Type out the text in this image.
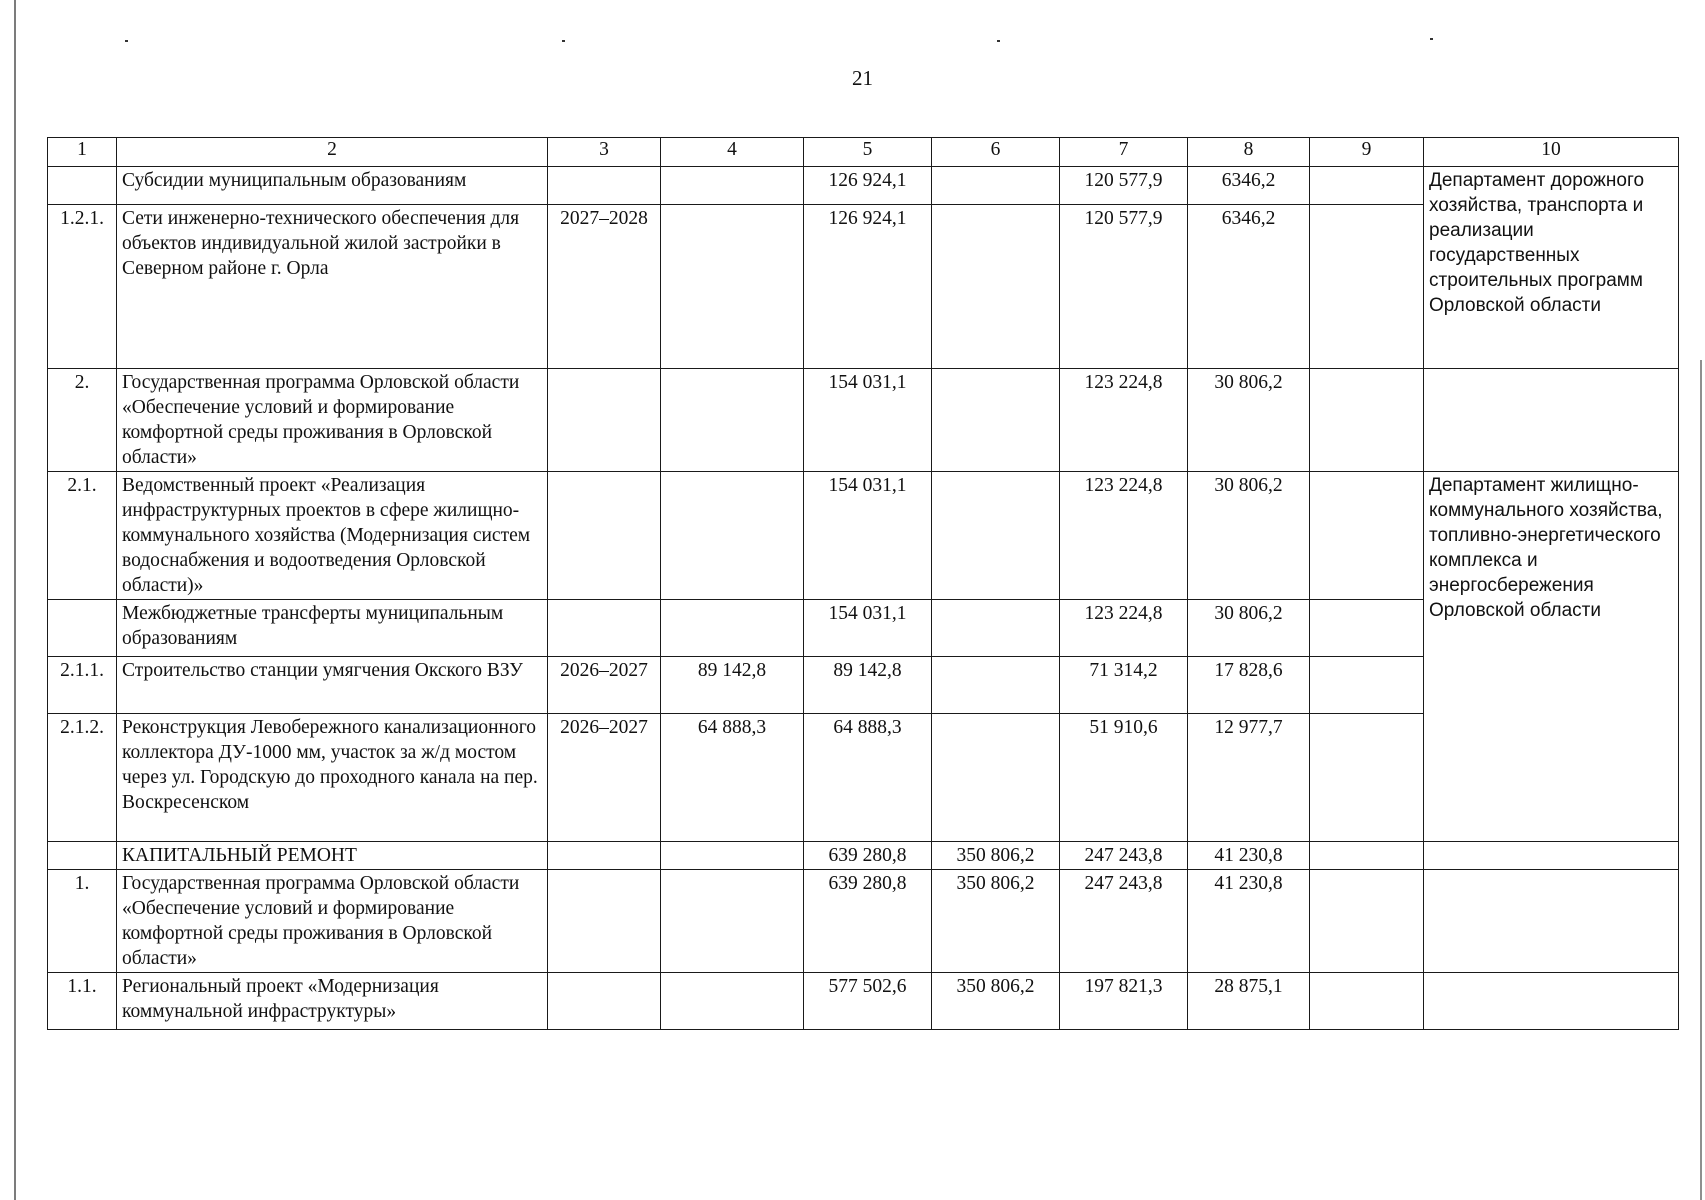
21
1	2	3	4	5	6	7	8	9	10
	Субсидии муниципальным образованиям			126 924,1		120 577,9	6346,2		Департамент дорожного хозяйства, транспорта и реализации государственных строительных программ Орловской области
1.2.1.	Сети инженерно-технического обеспечения для объектов индивидуальной жилой застройки в Северном районе г. Орла	2027–2028		126 924,1		120 577,9	6346,2		
2.	Государственная программа Орловской области «Обеспечение условий и формирование комфортной среды проживания в Орловской области»			154 031,1		123 224,8	30 806,2		
2.1.	Ведомственный проект «Реализация инфраструктурных проектов в сфере жилищно-коммунального хозяйства (Модернизация систем водоснабжения и водоотведения Орловской области)»			154 031,1		123 224,8	30 806,2		Департамент жилищно-коммунального хозяйства, топливно-энергетического комплекса и энергосбережения Орловской области
	Межбюджетные трансферты муниципальным образованиям			154 031,1		123 224,8	30 806,2		
2.1.1.	Строительство станции умягчения Окского ВЗУ	2026–2027	89 142,8	89 142,8		71 314,2	17 828,6		
2.1.2.	Реконструкция Левобережного канализационного коллектора ДУ-1000 мм, участок за ж/д мостом через ул. Городскую до проходного канала на пер. Воскресенском	2026–2027	64 888,3	64 888,3		51 910,6	12 977,7		
	КАПИТАЛЬНЫЙ РЕМОНТ			639 280,8	350 806,2	247 243,8	41 230,8		
1.	Государственная программа Орловской области «Обеспечение условий и формирование комфортной среды проживания в Орловской области»			639 280,8	350 806,2	247 243,8	41 230,8		
1.1.	Региональный проект «Модернизация коммунальной инфраструктуры»			577 502,6	350 806,2	197 821,3	28 875,1		
